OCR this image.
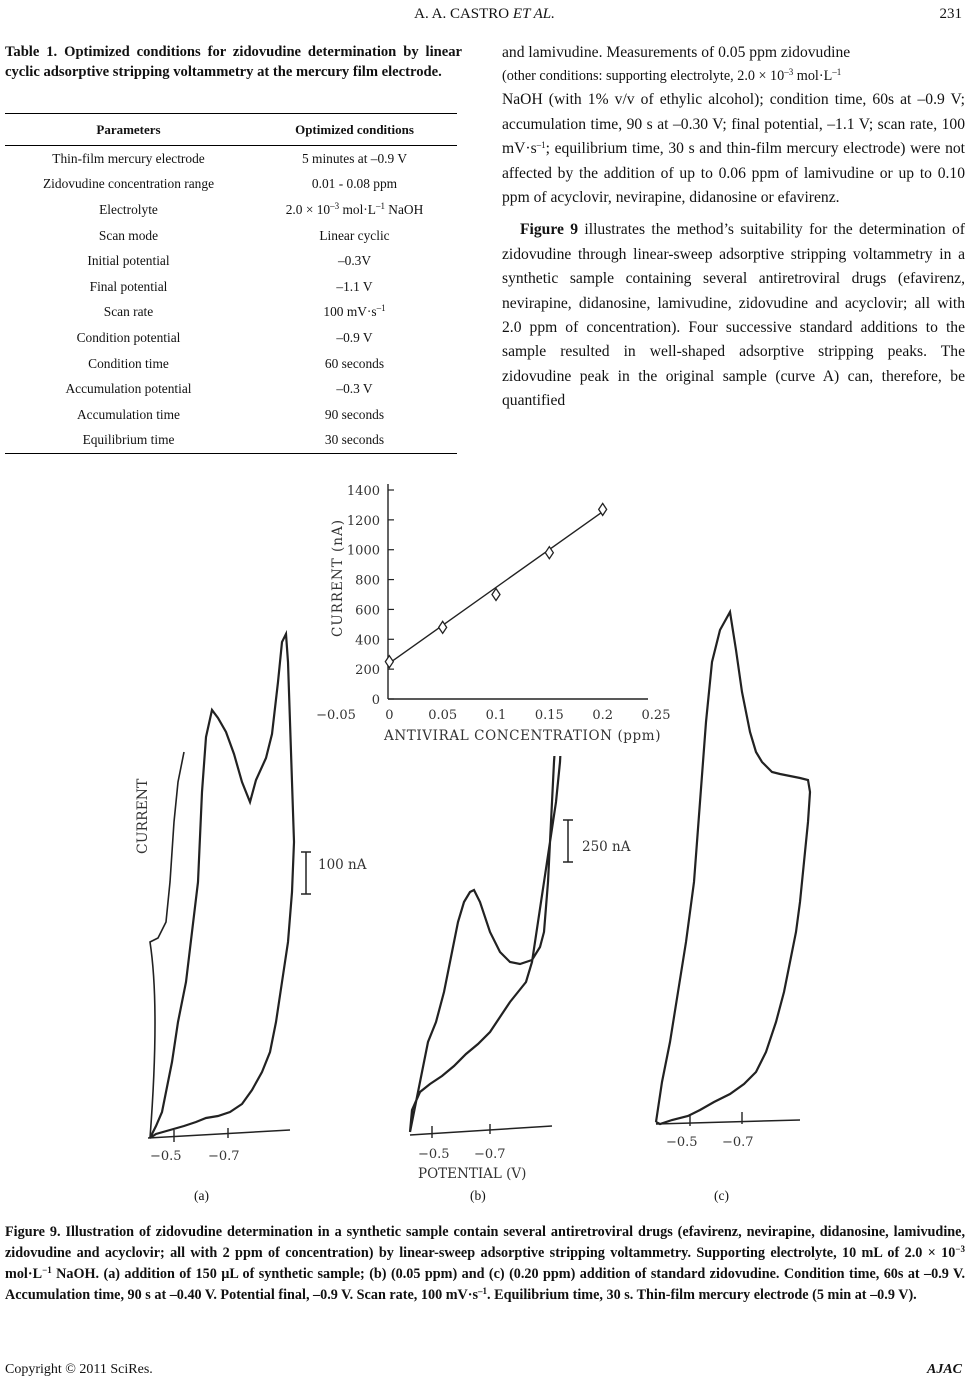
A. A. CASTRO ET AL.	231
Table 1. Optimized conditions for zidovudine determination by linear cyclic adsorptive stripping voltammetry at the mercury film electrode.
Parameters	Optimized conditions
Thin-film mercury electrode	5 minutes at –0.9 V
Zidovudine concentration range	0.01 - 0.08 ppm
Electrolyte	$2.0 \times 10^{-3}$ $mol\cdot L^{-1}$ NaOH
Scan mode	Linear cyclic
Initial potential	–0.3V
Final potential	–1.1 V
Scan rate	100 $mV\cdot s^{-1}$
Condition potential	–0.9 V
Condition time	60 seconds
Accumulation potential	–0.3 V
Accumulation time	90 seconds
Equilibrium time	30 seconds

and lamivudine. Measurements of 0.05 ppm zidovudine
(other conditions: supporting electrolyte, $2.0 \times 10^{-3}$ $mol\cdot L^{-1}$
NaOH (with 1% v/v of ethylic alcohol); condition time, 60s at –0.9 V; accumulation time, 90 s at –0.30 V; final potential, –1.1 V; scan rate, 100 $mV\cdot s^{-1}$; equilibrium time, 30 s and thin-film mercury electrode) were not affected by the addition of up to 0.06 ppm of lamivudine or up to 0.10 ppm of acyclovir, nevirapine, didanosine or efavirenz.

Figure 9 illustrates the method’s suitability for the determination of zidovudine through linear-sweep adsorptive stripping voltammetry in a synthetic sample containing several antiretroviral drugs (efavirenz, nevirapine, didanosine, lamivudine, zidovudine and acyclovir; all with 2.0 ppm of concentration). Four successive standard additions to the sample resulted in well-shaped adsorptive stripping peaks. The zidovudine peak in the original sample (curve A) can, therefore, be quantified

−0.5 −0.7	−0.5 −0.7
−0.5 −0.7
POTENTIAL (V)
CURRENT
100 nA
250 nA
1400
1200
1000
800
600
400
200
0
−0.05 0	0.05 0.1 0.15 0.2 0.25
CURRENT (nA)
ANTIVIRAL CONCENTRATION (ppm)
(a)	(b)	(c)
Figure 9. Illustration of zidovudine determination in a synthetic sample contain several antiretroviral drugs (efavirenz, nevirapine, didanosine, lamivudine, zidovudine and acyclovir; all with 2 ppm of concentration) by linear-sweep adsorptive stripping voltammetry. Supporting electrolyte, 10 mL of $2.0 \times 10^{-3}$ $mol\cdot L^{-1}$ NaOH. (a) addition of 150 µL of synthetic sample; (b) (0.05 ppm) and (c) (0.20 ppm) addition of standard zidovudine. Condition time, 60s at –0.9 V. Accumulation time, 90 s at –0.40 V. Potential final, –0.9 V. Scan rate, 100 $mV\cdot s^{-1}$. Equilibrium time, 30 s. Thin-film mercury electrode (5 min at –0.9 V).
Copyright © 2011 SciRes.	AJAC
